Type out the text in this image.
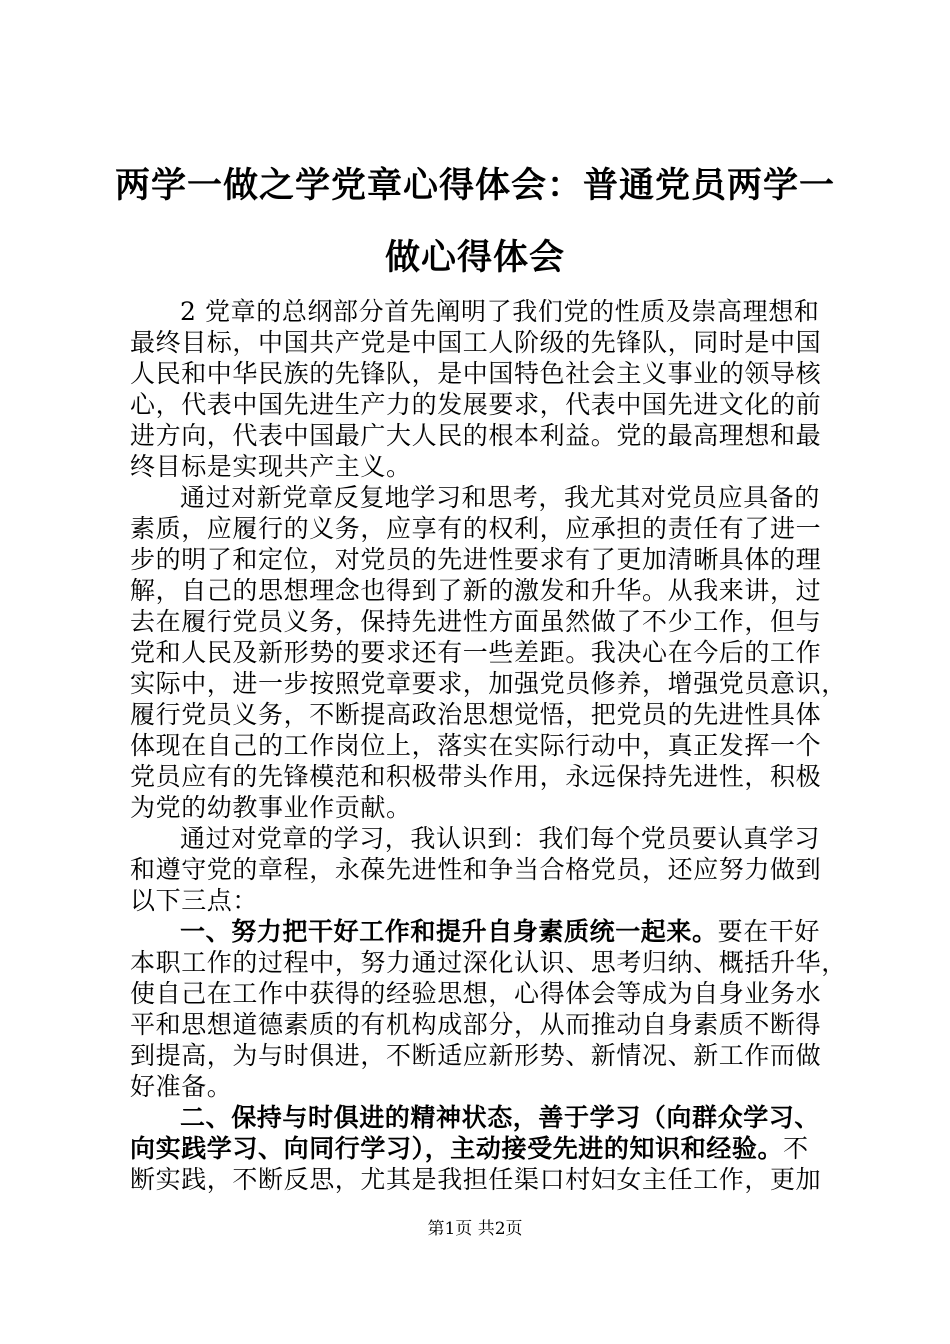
两学一做之学党章心得体会：普通党员两学一
做心得体会
2 党章的总纲部分首先阐明了我们党的性质及崇高理想和
最终目标，中国共产党是中国工人阶级的先锋队，同时是中国
人民和中华民族的先锋队，是中国特色社会主义事业的领导核
心，代表中国先进生产力的发展要求，代表中国先进文化的前
进方向，代表中国最广大人民的根本利益。党的最高理想和最
终目标是实现共产主义。
通过对新党章反复地学习和思考，我尤其对党员应具备的
素质，应履行的义务，应享有的权利，应承担的责任有了进一
步的明了和定位，对党员的先进性要求有了更加清晰具体的理
解，自己的思想理念也得到了新的激发和升华。从我来讲，过
去在履行党员义务，保持先进性方面虽然做了不少工作，但与
党和人民及新形势的要求还有一些差距。我决心在今后的工作
实际中，进一步按照党章要求，加强党员修养，增强党员意识，
履行党员义务，不断提高政治思想觉悟，把党员的先进性具体
体现在自己的工作岗位上，落实在实际行动中，真正发挥一个
党员应有的先锋模范和积极带头作用，永远保持先进性，积极
为党的幼教事业作贡献。
通过对党章的学习，我认识到：我们每个党员要认真学习
和遵守党的章程，永葆先进性和争当合格党员，还应努力做到
以下三点：
一、努力把干好工作和提升自身素质统一起来。要在干好
本职工作的过程中，努力通过深化认识、思考归纳、概括升华，
使自己在工作中获得的经验思想，心得体会等成为自身业务水
平和思想道德素质的有机构成部分，从而推动自身素质不断得
到提高，为与时俱进，不断适应新形势、新情况、新工作而做
好准备。
二、保持与时俱进的精神状态，善于学习（向群众学习、
向实践学习、向同行学习），主动接受先进的知识和经验。不
断实践，不断反思，尤其是我担任渠口村妇女主任工作，更加
第1页 共2页
